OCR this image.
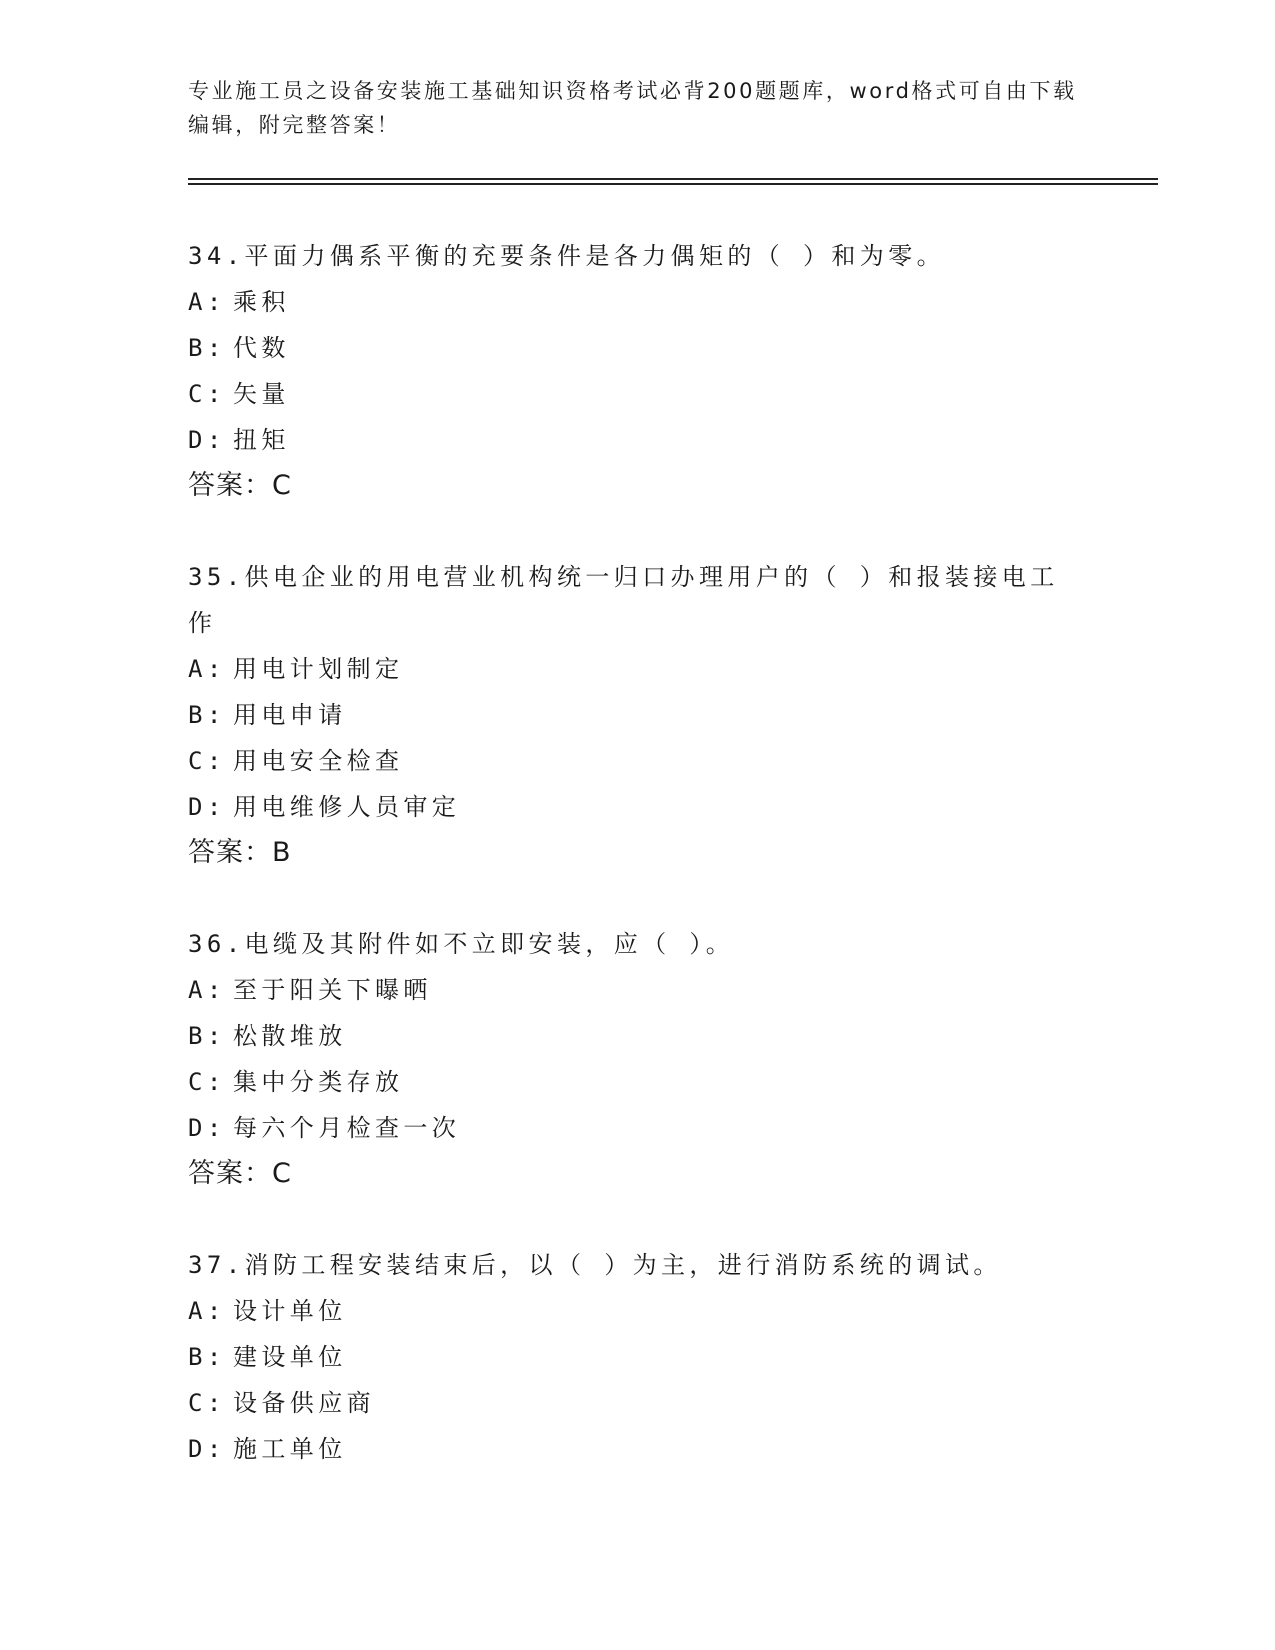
专业施工员之设备安装施工基础知识资格考试必背200题题库，word格式可自由下载编辑，附完整答案！
34.平面力偶系平衡的充要条件是各力偶矩的（ ）和为零。
A: 乘积
B: 代数
C: 矢量
D: 扭矩
答案：C
35.供电企业的用电营业机构统一归口办理用户的（ ）和报装接电工作
A: 用电计划制定
B: 用电申请
C: 用电安全检查
D: 用电维修人员审定
答案：B
36.电缆及其附件如不立即安装，应（ ）。
A: 至于阳关下曝晒
B: 松散堆放
C: 集中分类存放
D: 每六个月检查一次
答案：C
37.消防工程安装结束后，以（ ）为主，进行消防系统的调试。
A: 设计单位
B: 建设单位
C: 设备供应商
D: 施工单位
